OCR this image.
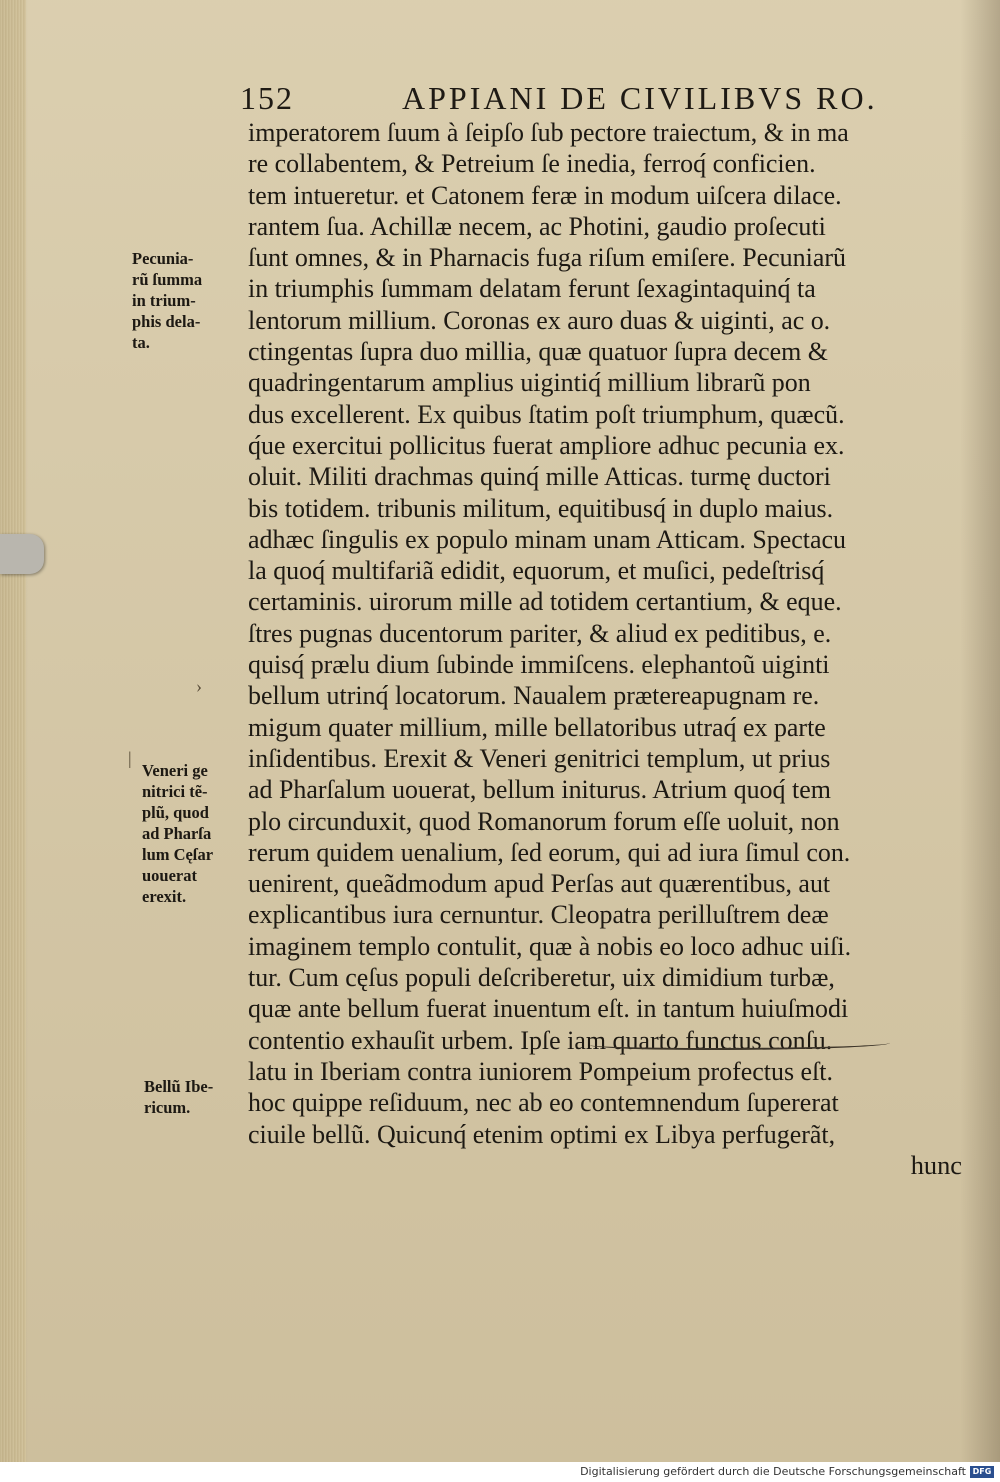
152	APPIANI DE CIVILIBVS RO.
imperatorem ſuum à ſeipſo ſub pectore traiectum, & in ma
re collabentem, & Petreium ſe inedia, ferroq́ conficien.
tem intueretur. et Catonem feræ in modum uiſcera dilace.
rantem ſua. Achillæ necem, ac Photini, gaudio proſecuti
ſunt omnes, & in Pharnacis fuga riſum emiſere. Pecuniarũ
in triumphis ſummam delatam ferunt ſexagintaquinq́ ta
lentorum millium. Coronas ex auro duas & uiginti, ac o.
ctingentas ſupra duo millia, quæ quatuor ſupra decem &
quadringentarum amplius uigintiq́ millium librarũ pon
dus excellerent. Ex quibus ſtatim poſt triumphum, quæcũ.
q́ue exercitui pollicitus fuerat ampliore adhuc pecunia ex.
oluit. Militi drachmas quinq́ mille Atticas. turmę ductori
bis totidem. tribunis militum, equitibusq́ in duplo maius.
adhæc ſingulis ex populo minam unam Atticam. Spectacu
la quoq́ multifariã edidit, equorum, et muſici, pedeſtrisq́
certaminis. uirorum mille ad totidem certantium, & eque.
ſtres pugnas ducentorum pariter, & aliud ex peditibus, e.
quisq́ prælu dium ſubinde immiſcens. elephantoũ uiginti
bellum utrinq́ locatorum. Naualem prætereapugnam re.
migum quater millium, mille bellatoribus utraq́ ex parte
inſidentibus. Erexit & Veneri genitrici templum, ut prius
ad Pharſalum uouerat, bellum initurus. Atrium quoq́ tem
plo circunduxit, quod Romanorum forum eſſe uoluit, non
rerum quidem uenalium, ſed eorum, qui ad iura ſimul con.
uenirent, queãdmodum apud Perſas aut quærentibus, aut
explicantibus iura cernuntur. Cleopatra perilluſtrem deæ
imaginem templo contulit, quæ à nobis eo loco adhuc uiſi.
tur. Cum cęſus populi deſcriberetur, uix dimidium turbæ,
quæ ante bellum fuerat inuentum eſt. in tantum huiuſmodi
contentio exhauſit urbem. Ipſe iam quarto functus conſu.
latu in Iberiam contra iuniorem Pompeium profectus eſt.
hoc quippe reſiduum, nec ab eo contemnendum ſupererat
ciuile bellũ. Quicunq́ etenim optimi ex Libya perfugerãt,
hunc
Pecunia-
rũ ſumma
in trium-
phis dela-
ta.
Veneri ge
nitrici tẽ-
plũ, quod
ad Pharſa
lum Cęſar
uouerat
erexit.
Bellũ Ibe-
ricum.
›
|
Digitalisierung gefördert durch die Deutsche Forschungsgemeinschaft DFG
